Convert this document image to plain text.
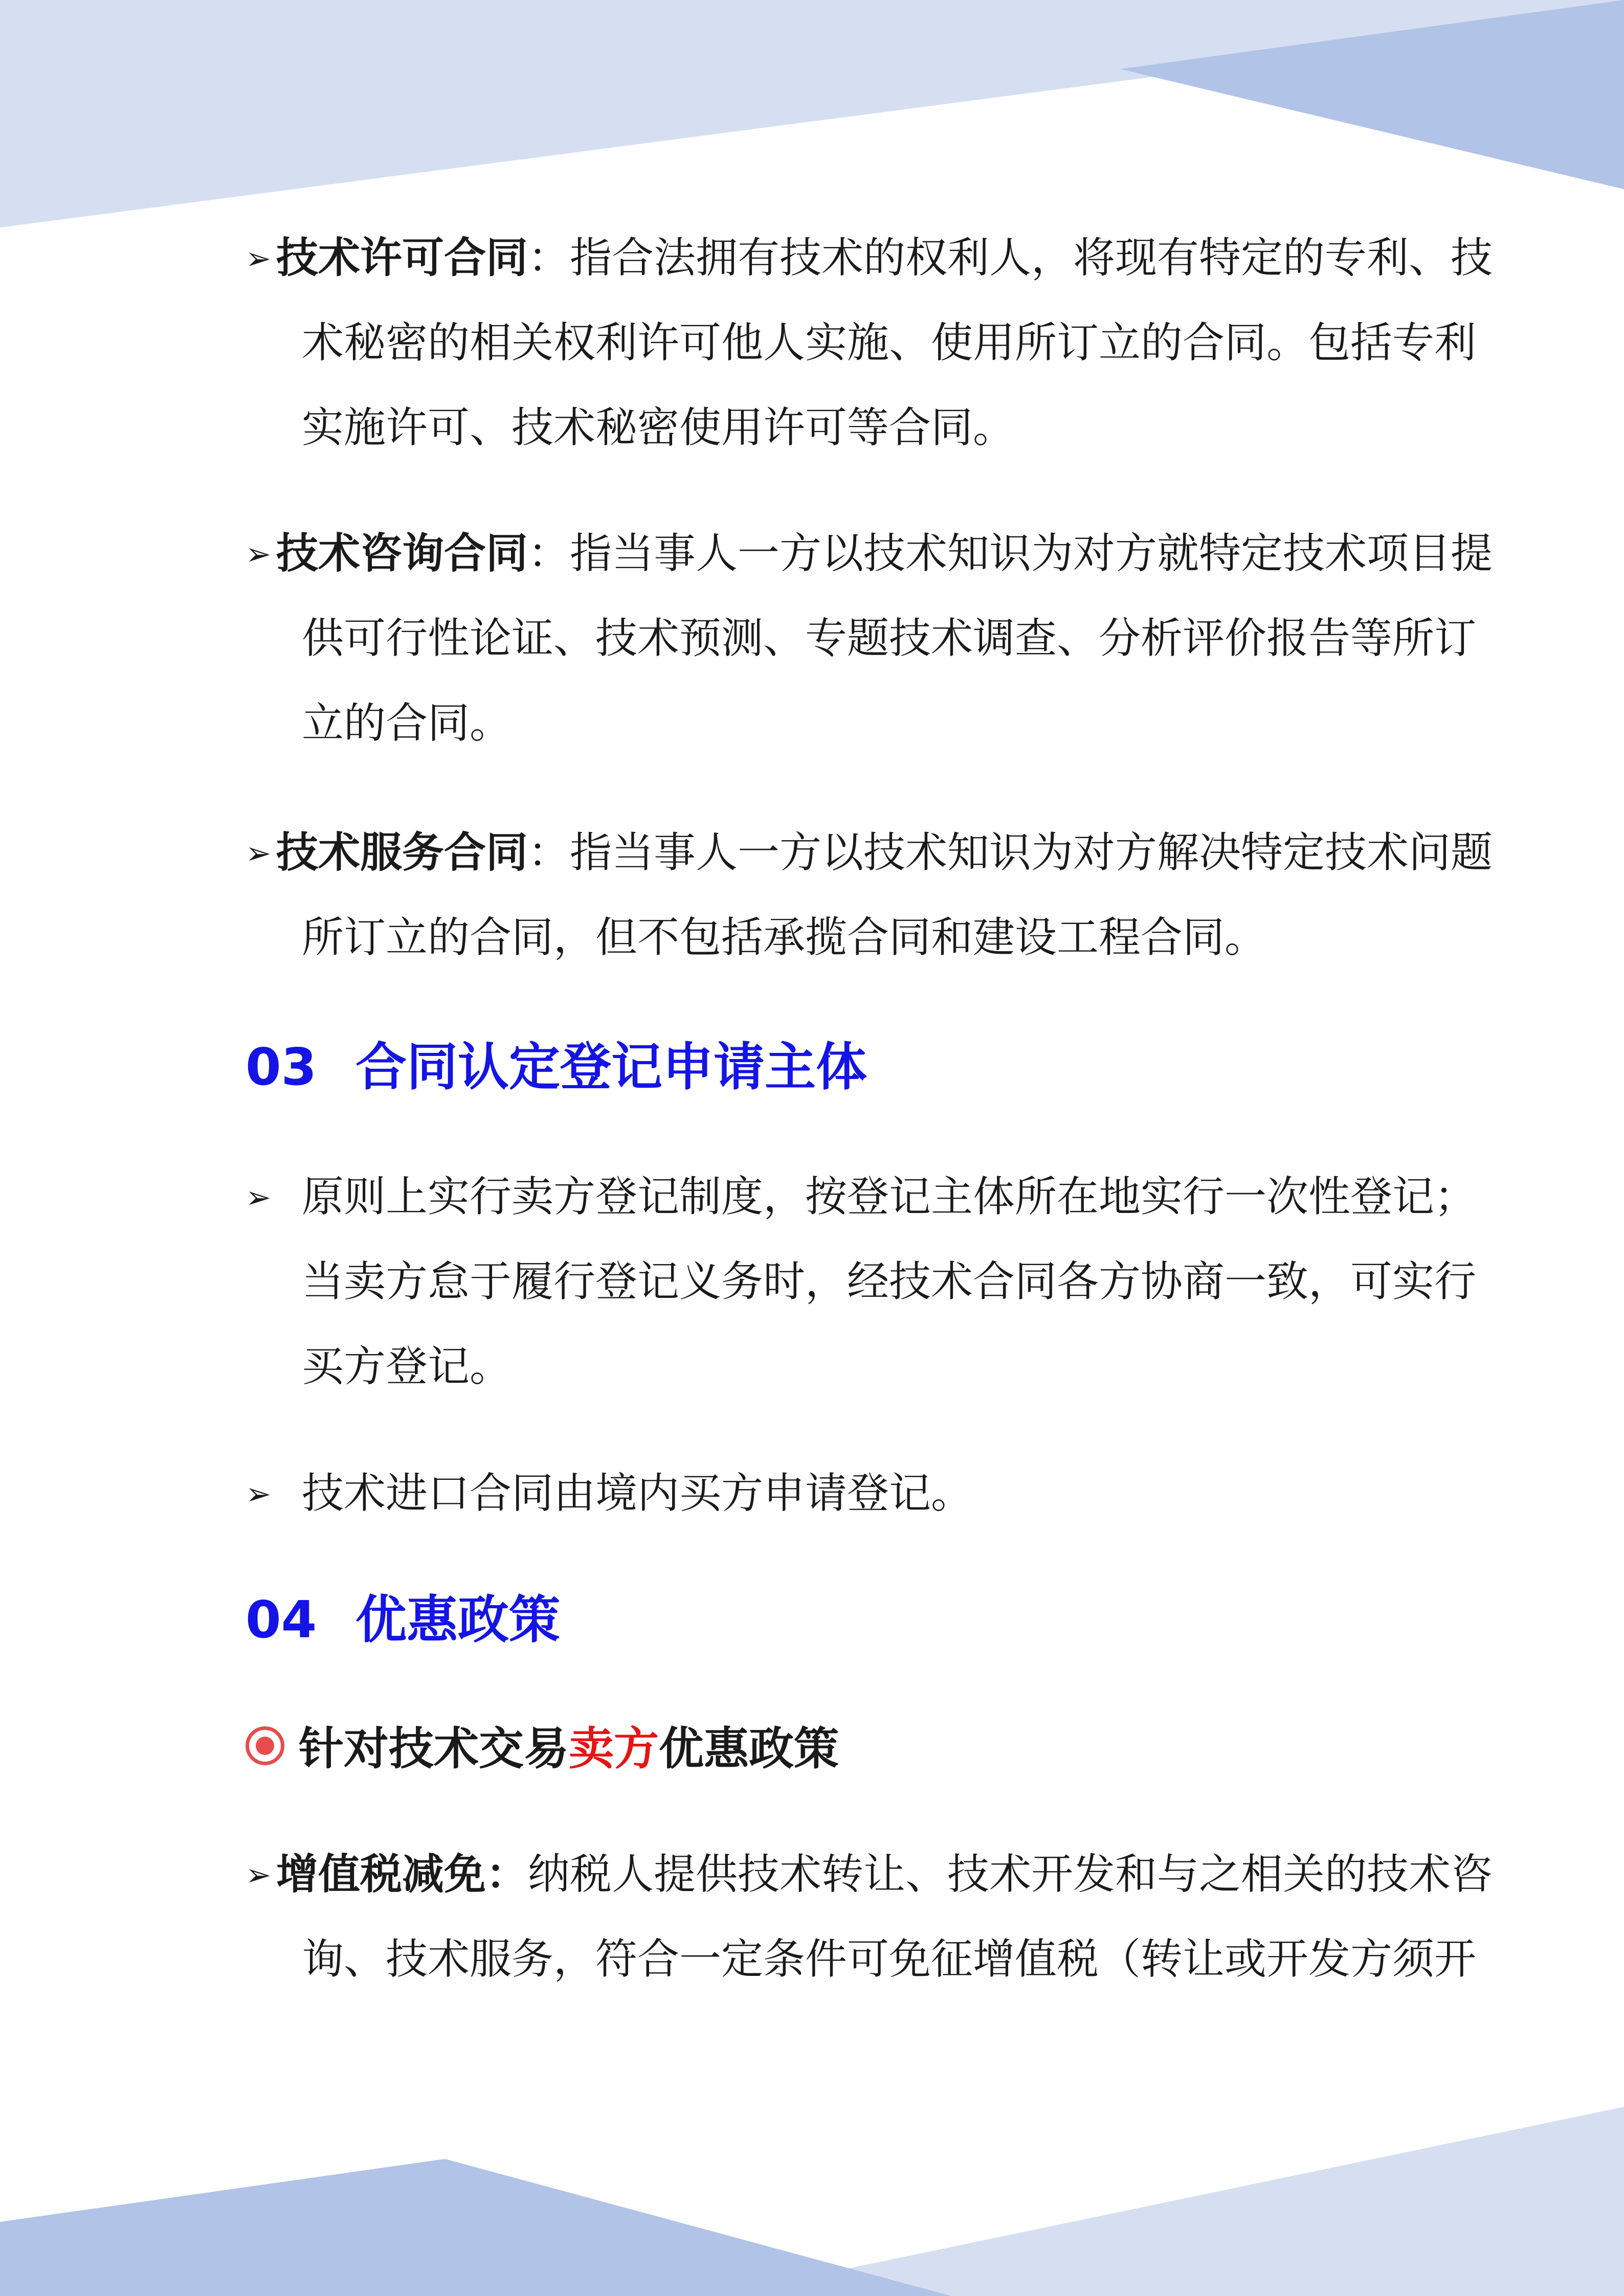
➢ 技术许可合同：指合法拥有技术的权利人，将现有特定的专利、技
术秘密的相关权利许可他人实施、使用所订立的合同。包括专利
实施许可、技术秘密使用许可等合同。
➢ 技术咨询合同：指当事人一方以技术知识为对方就特定技术项目提
供可行性论证、技术预测、专题技术调查、分析评价报告等所订
立的合同。
➢ 技术服务合同：指当事人一方以技术知识为对方解决特定技术问题
所订立的合同，但不包括承揽合同和建设工程合同。
03 合同认定登记申请主体
➢ 原则上实行卖方登记制度，按登记主体所在地实行一次性登记；
当卖方怠于履行登记义务时，经技术合同各方协商一致，可实行
买方登记。
➢ 技术进口合同由境内买方申请登记。
04 优惠政策
针对技术交易卖方优惠政策
➢ 增值税减免：纳税人提供技术转让、技术开发和与之相关的技术咨
询、技术服务，符合一定条件可免征增值税（转让或开发方须开
